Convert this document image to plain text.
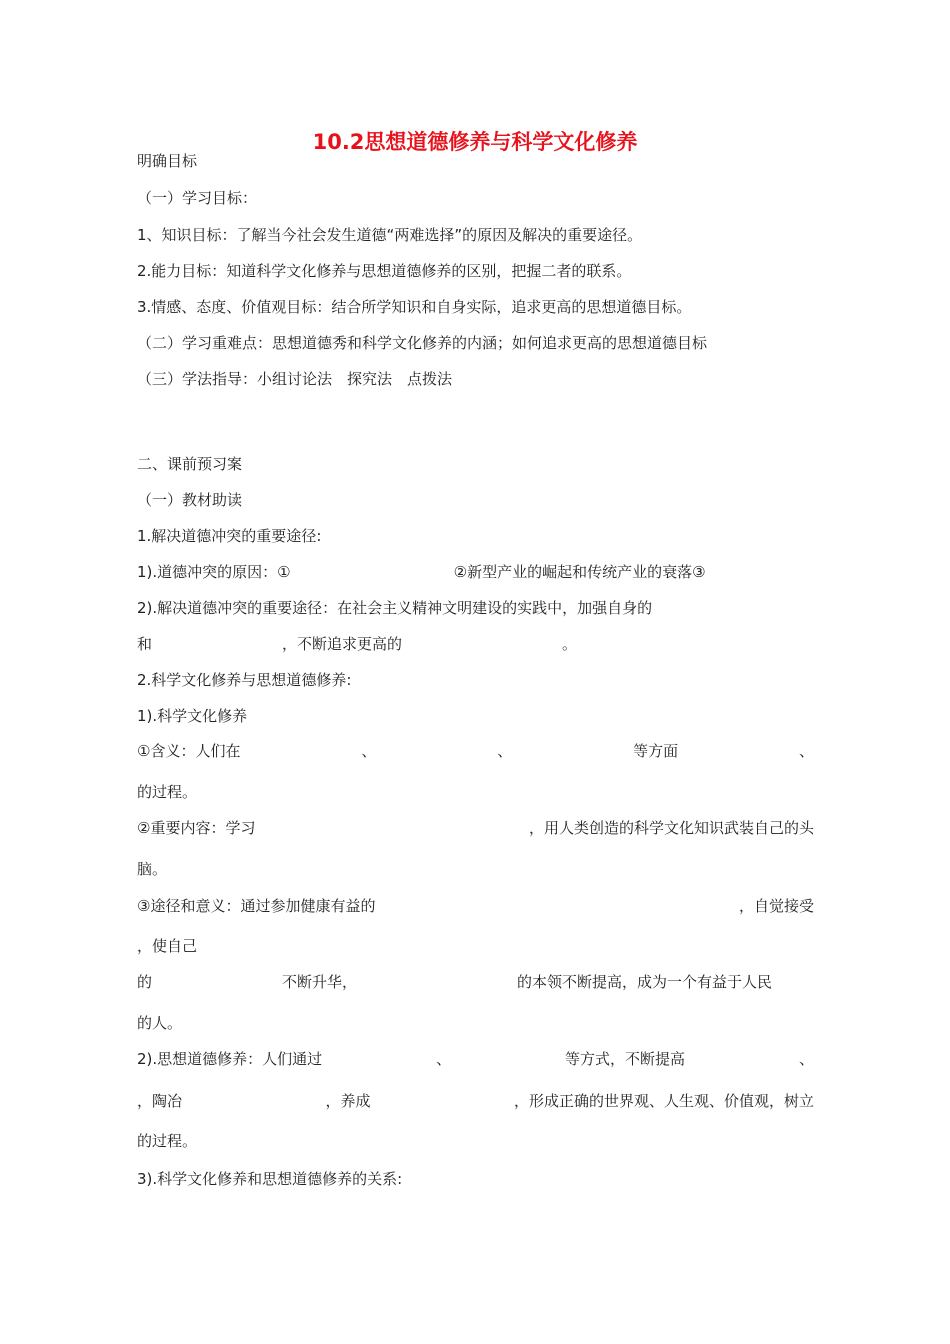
10.2思想道德修养与科学文化修养
明确目标
（一）学习目标：
1、知识目标：了解当今社会发生道德“两难选择”的原因及解决的重要途径。
2.能力目标：知道科学文化修养与思想道德修养的区别，把握二者的联系。
3.情感、态度、价值观目标：结合所学知识和自身实际，追求更高的思想道德目标。
（二）学习重难点：思想道德秀和科学文化修养的内涵；如何追求更高的思想道德目标
（三）学法指导：小组讨论法　探究法　点拨法
二、课前预习案
（一）教材助读
1.解决道德冲突的重要途径:
1).道德冲突的原因：①	②新型产业的崛起和传统产业的衰落③
2).解决道德冲突的重要途径：在社会主义精神文明建设的实践中，加强自身的
和	，不断追求更高的	。
2.科学文化修养与思想道德修养:
1).科学文化修养
①含义：人们在	、	、	等方面	、
的过程。
②重要内容：学习	，用人类创造的科学文化知识武装自己的头
脑。
③途径和意义：通过参加健康有益的	，自觉接受
，使自己
的	不断升华，	的本领不断提高，成为一个有益于人民
的人。
2).思想道德修养：人们通过	、	等方式，不断提高	、
，陶冶	，养成	，形成正确的世界观、人生观、价值观，树立
的过程。
3).科学文化修养和思想道德修养的关系:
